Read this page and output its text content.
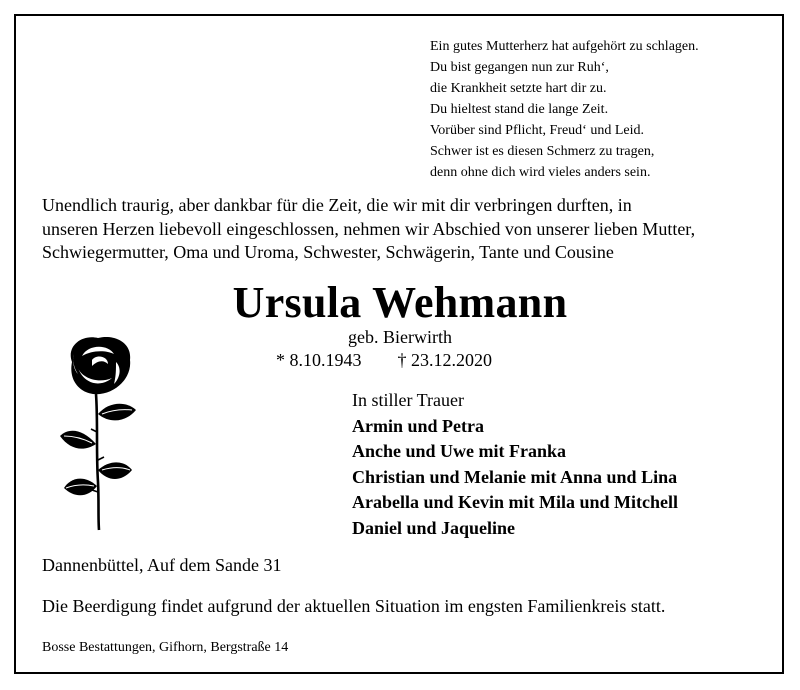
Ein gutes Mutterherz hat aufgehört zu schlagen.
Du bist gegangen nun zur Ruh‘,
die Krankheit setzte hart dir zu.
Du hieltest stand die lange Zeit.
Vorüber sind Pflicht, Freud‘ und Leid.
Schwer ist es diesen Schmerz zu tragen,
denn ohne dich wird vieles anders sein.
Unendlich traurig, aber dankbar für die Zeit, die wir mit dir verbringen durften, in
unseren Herzen liebevoll eingeschlossen, nehmen wir Abschied von unserer lieben Mutter,
Schwiegermutter, Oma und Uroma, Schwester, Schwägerin, Tante und Cousine
Ursula Wehmann
geb. Bierwirth
* 8.10.1943 † 23.12.2020
In stiller Trauer
Armin und Petra
Anche und Uwe mit Franka
Christian und Melanie mit Anna und Lina
Arabella und Kevin mit Mila und Mitchell
Daniel und Jaqueline
Dannenbüttel, Auf dem Sande 31
Die Beerdigung findet aufgrund der aktuellen Situation im engsten Familienkreis statt.
Bosse Bestattungen, Gifhorn, Bergstraße 14
